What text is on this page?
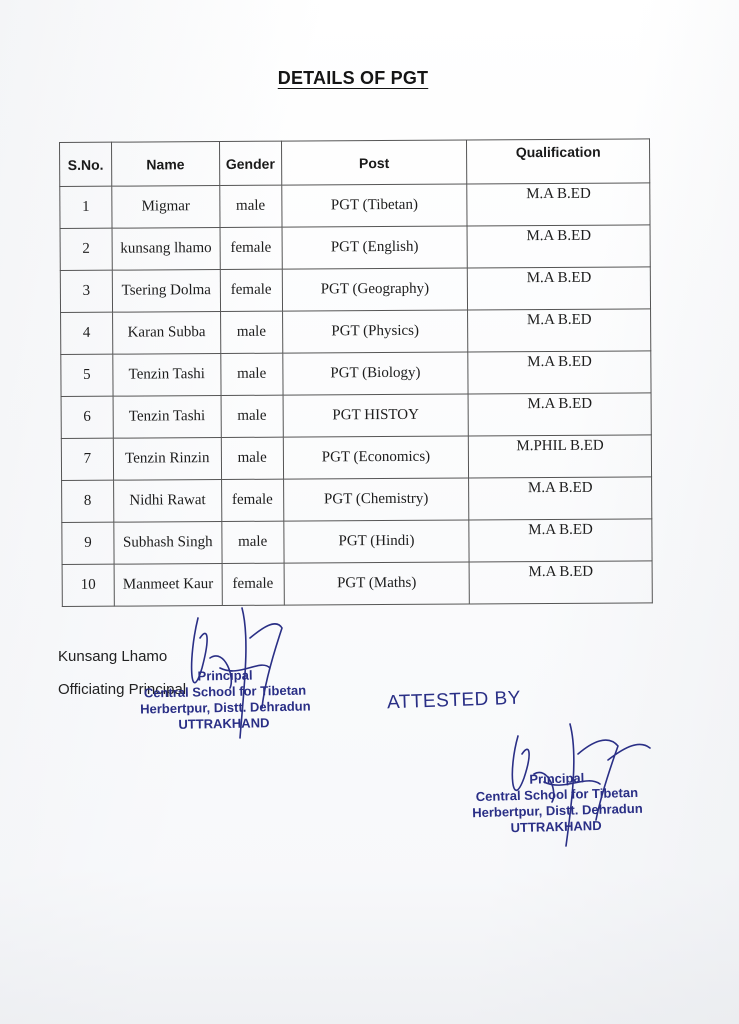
DETAILS OF PGT
S.No.	Name	Gender	Post	Qualification
1	Migmar	male	PGT (Tibetan)	M.A B.ED
2	kunsang lhamo	female	PGT (English)	M.A B.ED
3	Tsering Dolma	female	PGT (Geography)	M.A B.ED
4	Karan Subba	male	PGT (Physics)	M.A B.ED
5	Tenzin Tashi	male	PGT (Biology)	M.A B.ED
6	Tenzin Tashi	male	PGT HISTOY	M.A B.ED
7	Tenzin Rinzin	male	PGT (Economics)	M.PHIL B.ED
8	Nidhi Rawat	female	PGT (Chemistry)	M.A B.ED
9	Subhash Singh	male	PGT (Hindi)	M.A B.ED
10	Manmeet Kaur	female	PGT (Maths)	M.A B.ED
Kunsang Lhamo
Officiating Principal
Principal
Central School for Tibetan
Herbertpur, Distt. Dehradun
UTTRAKHAND
ATTESTED BY
Principal
Central School for Tibetan
Herbertpur, Distt. Dehradun
UTTRAKHAND
